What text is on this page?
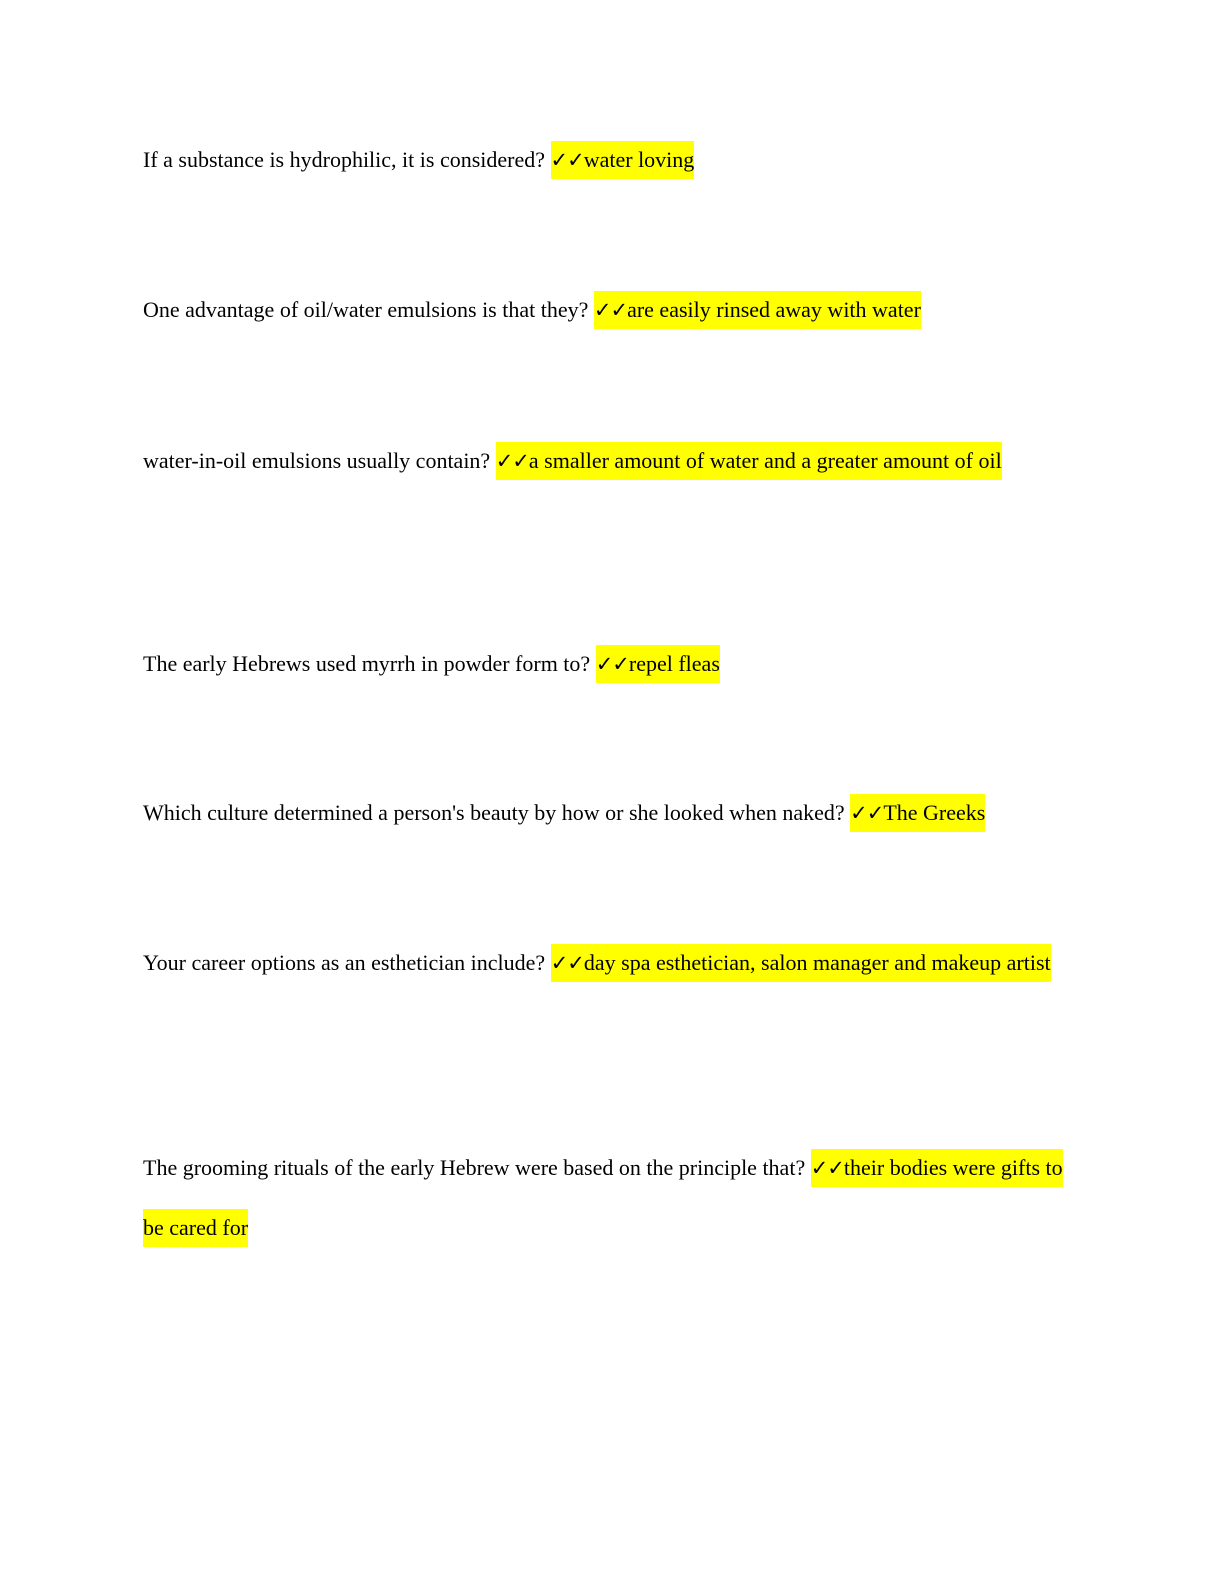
If a substance is hydrophilic, it is considered? ✓✓water loving
One advantage of oil/water emulsions is that they? ✓✓are easily rinsed away with water
water-in-oil emulsions usually contain? ✓✓a smaller amount of water and a greater amount of oil
The early Hebrews used myrrh in powder form to? ✓✓repel fleas
Which culture determined a person's beauty by how or she looked when naked? ✓✓The Greeks
Your career options as an esthetician include? ✓✓day spa esthetician, salon manager and makeup artist
The grooming rituals of the early Hebrew were based on the principle that? ✓✓their bodies were gifts to be cared for
